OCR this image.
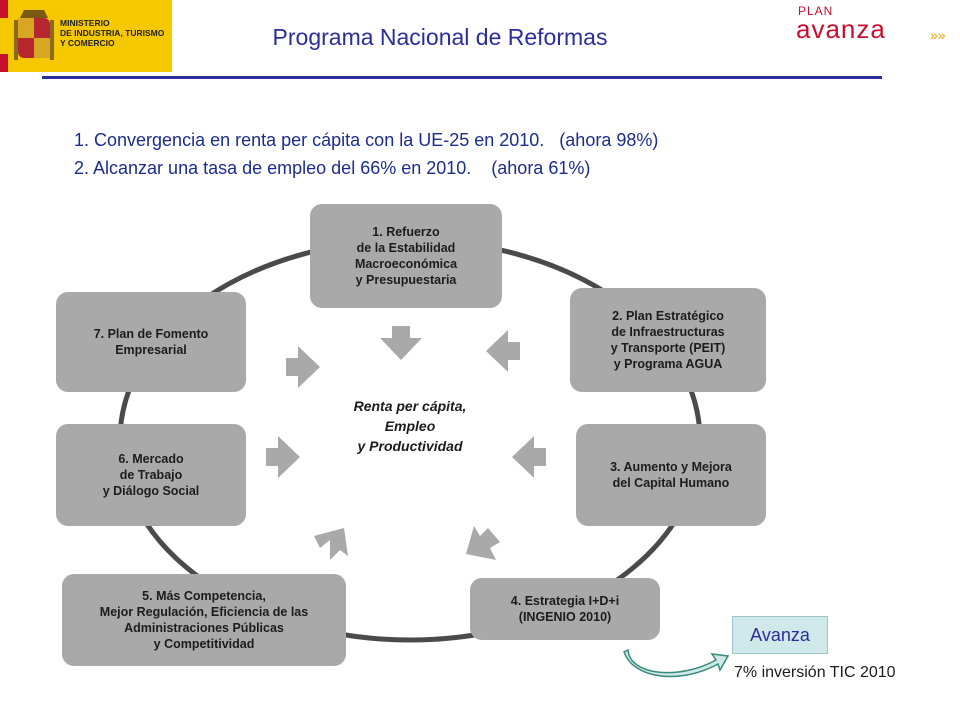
MINISTERIO
DE INDUSTRIA, TURISMO
Y COMERCIO	Programa Nacional de Reformas
PLAN
avanza	»»
1. Convergencia en renta per cápita con la UE-25 en 2010.   (ahora 98%)
2. Alcanzar una tasa de empleo del 66% en 2010.    (ahora 61%)
1. Refuerzo
de la Estabilidad
Macroeconómica
y Presupuestaria
2. Plan Estratégico
de Infraestructuras
y Transporte (PEIT)
y Programa AGUA
3. Aumento y Mejora
del Capital Humano
4. Estrategia I+D+i
(INGENIO 2010)
5. Más Competencia,
Mejor Regulación, Eficiencia de las
Administraciones Públicas
y Competitividad
6. Mercado
de Trabajo
y Diálogo Social
7. Plan de Fomento
Empresarial
Renta per cápita,
Empleo
y Productividad
Avanza
7% inversión TIC 2010
